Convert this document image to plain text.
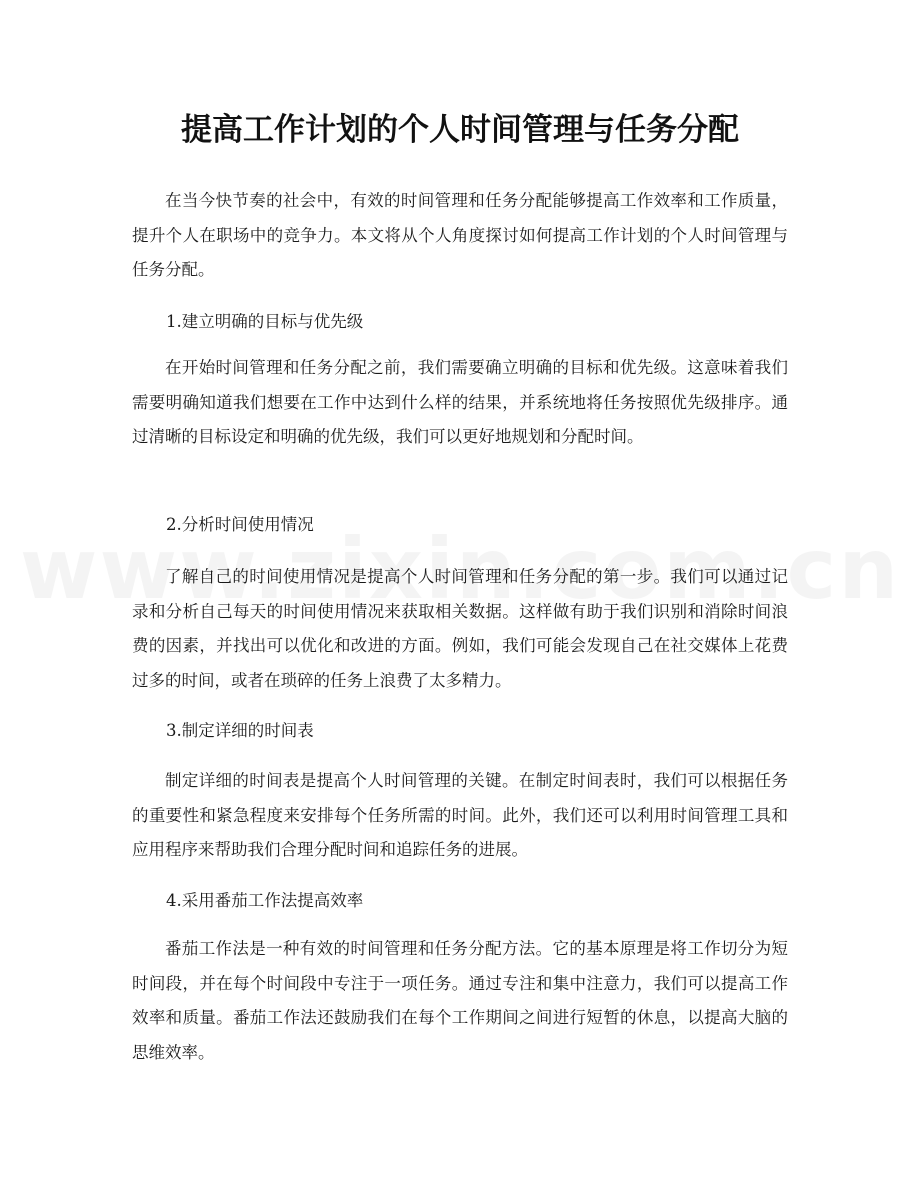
提高工作计划的个人时间管理与任务分配

在当今快节奏的社会中，有效的时间管理和任务分配能够提高工作效率和工作质量，提升个人在职场中的竞争力。本文将从个人角度探讨如何提高工作计划的个人时间管理与任务分配。

1.建立明确的目标与优先级

在开始时间管理和任务分配之前，我们需要确立明确的目标和优先级。这意味着我们需要明确知道我们想要在工作中达到什么样的结果，并系统地将任务按照优先级排序。通过清晰的目标设定和明确的优先级，我们可以更好地规划和分配时间。

2.分析时间使用情况

了解自己的时间使用情况是提高个人时间管理和任务分配的第一步。我们可以通过记录和分析自己每天的时间使用情况来获取相关数据。这样做有助于我们识别和消除时间浪费的因素，并找出可以优化和改进的方面。例如，我们可能会发现自己在社交媒体上花费过多的时间，或者在琐碎的任务上浪费了太多精力。

3.制定详细的时间表

制定详细的时间表是提高个人时间管理的关键。在制定时间表时，我们可以根据任务的重要性和紧急程度来安排每个任务所需的时间。此外，我们还可以利用时间管理工具和应用程序来帮助我们合理分配时间和追踪任务的进展。

4.采用番茄工作法提高效率

番茄工作法是一种有效的时间管理和任务分配方法。它的基本原理是将工作切分为短时间段，并在每个时间段中专注于一项任务。通过专注和集中注意力，我们可以提高工作效率和质量。番茄工作法还鼓励我们在每个工作期间之间进行短暂的休息，以提高大脑的思维效率。
